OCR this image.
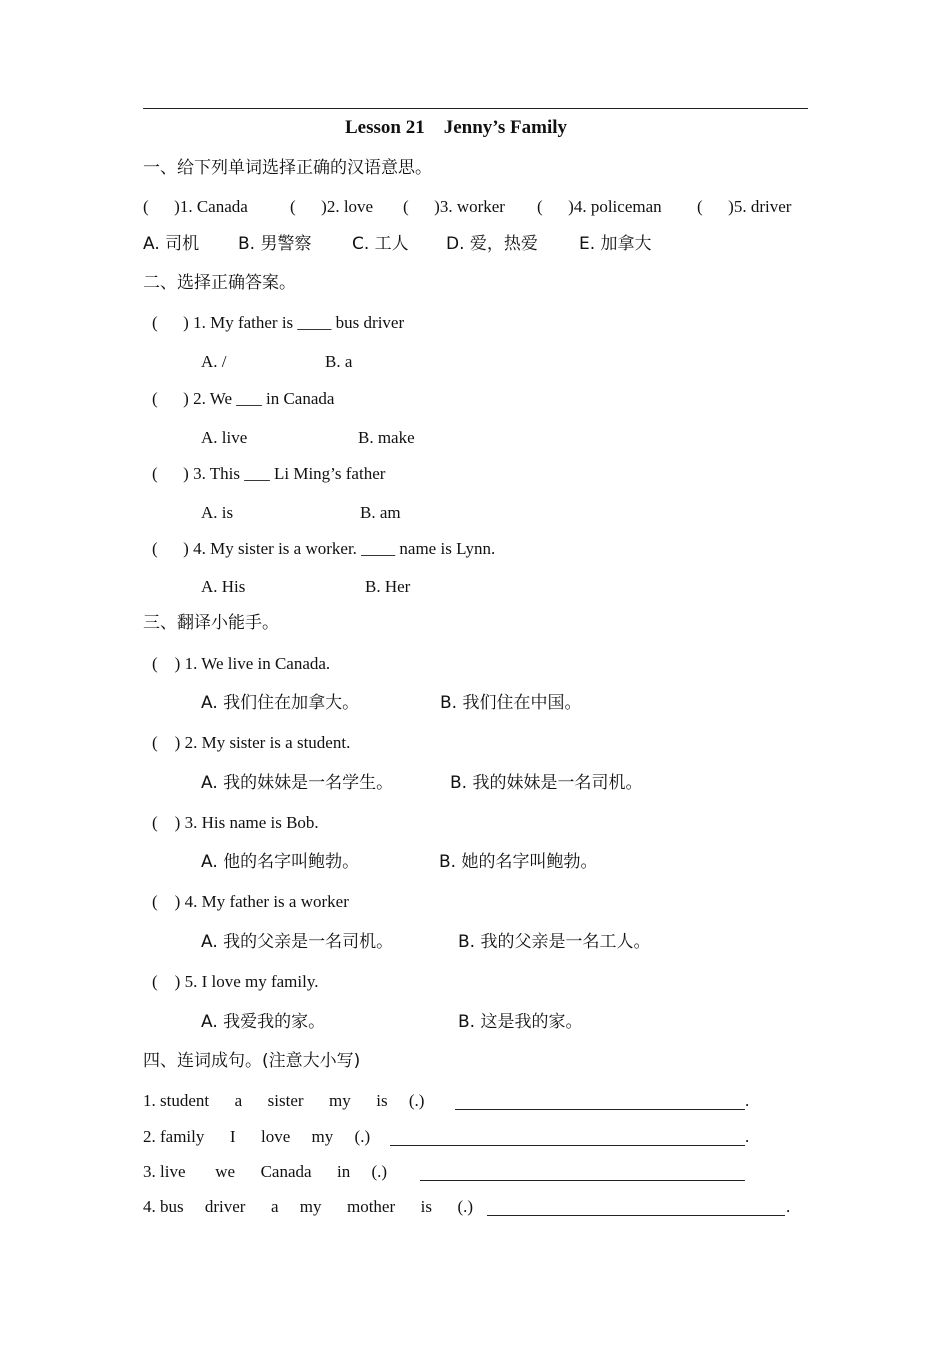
Lesson 21    Jenny’s Family
一、给下列单词选择正确的汉语意思。
(      )1. Canada (      )2. love (      )3. worker (      )4. policeman (      )5. driver
A. 司机 B. 男警察 C. 工人 D. 爱，热爱 E. 加拿大
二、选择正确答案。
(      ) 1. My father is ____ bus driver
A. /	B. a
(      ) 2. We ___ in Canada
A. live	B. make
(      ) 3. This ___ Li Ming’s father
A. is	B. am
(      ) 4. My sister is a worker. ____ name is Lynn.
A. His	B. Her
三、翻译小能手。
(    ) 1. We live in Canada.
A. 我们住在加拿大。	B. 我们住在中国。
(    ) 2. My sister is a student.
A. 我的妹妹是一名学生。	B. 我的妹妹是一名司机。
(    ) 3. His name is Bob.
A. 他的名字叫鲍勃。	B. 她的名字叫鲍勃。
(    ) 4. My father is a worker
A. 我的父亲是一名司机。	B. 我的父亲是一名工人。
(    ) 5. I love my family.
A. 我爱我的家。	B. 这是我的家。
四、连词成句。(注意大小写)
1. student      a      sister      my      is     (.)	.
2. family      I      love     my     (.)	.
3. live       we      Canada      in     (.)
4. bus     driver      a     my      mother      is      (.)	.
